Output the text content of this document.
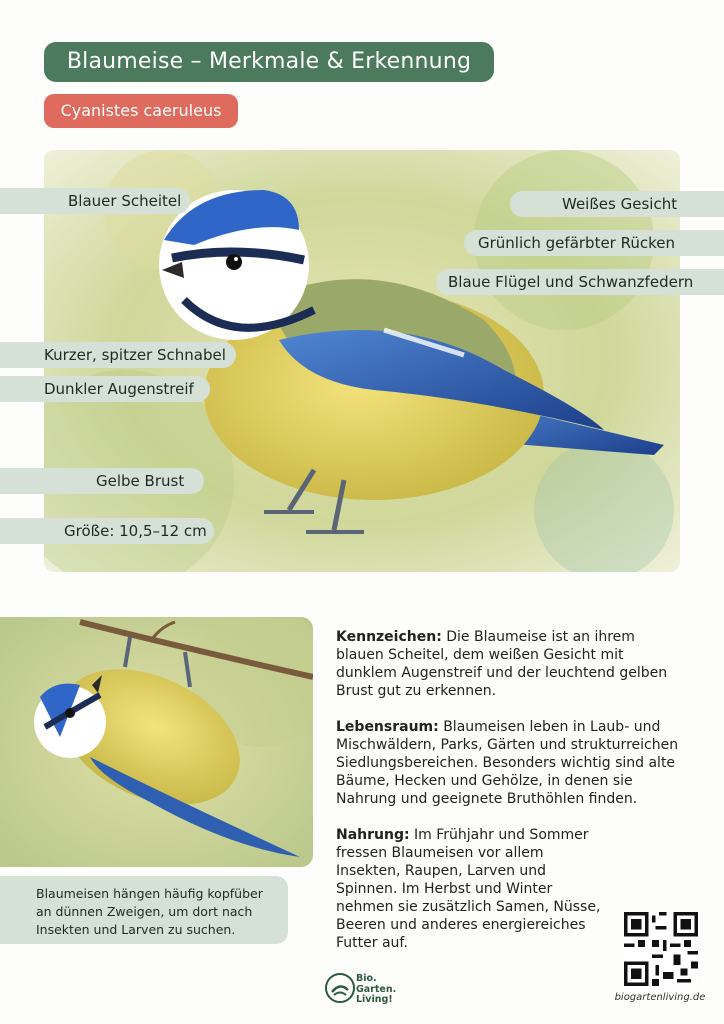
Blaumeise – Merkmale & Erkennung
Cyanistes caeruleus
Blauer Scheitel
Kurzer, spitzer Schnabel
Dunkler Augenstreif
Gelbe Brust
Größe: 10,5–12 cm
Weißes Gesicht
Grünlich gefärbter Rücken
Blaue Flügel und Schwanzfedern
Blaumeisen hängen häufig kopfüber an dünnen Zweigen, um dort nach Insekten und Larven zu suchen.

Kennzeichen: Die Blaumeise ist an ihrem blauen Scheitel, dem weißen Gesicht mit dunklem Augenstreif und der leuchtend gelben Brust gut zu erkennen.

Lebensraum: Blaumeisen leben in Laub- und Mischwäldern, Parks, Gärten und strukturreichen Siedlungsbereichen. Besonders wichtig sind alte Bäume, Hecken und Gehölze, in denen sie Nahrung und geeignete Bruthöhlen finden.

Nahrung: Im Frühjahr und Sommer fressen Blaumeisen vor allem Insekten, Raupen, Larven und Spinnen. Im Herbst und Winter nehmen sie zusätzlich Samen, Nüsse, Beeren und anderes energiereiches Futter auf.

biogartenliving.de
Bio.
Garten.
Living!
